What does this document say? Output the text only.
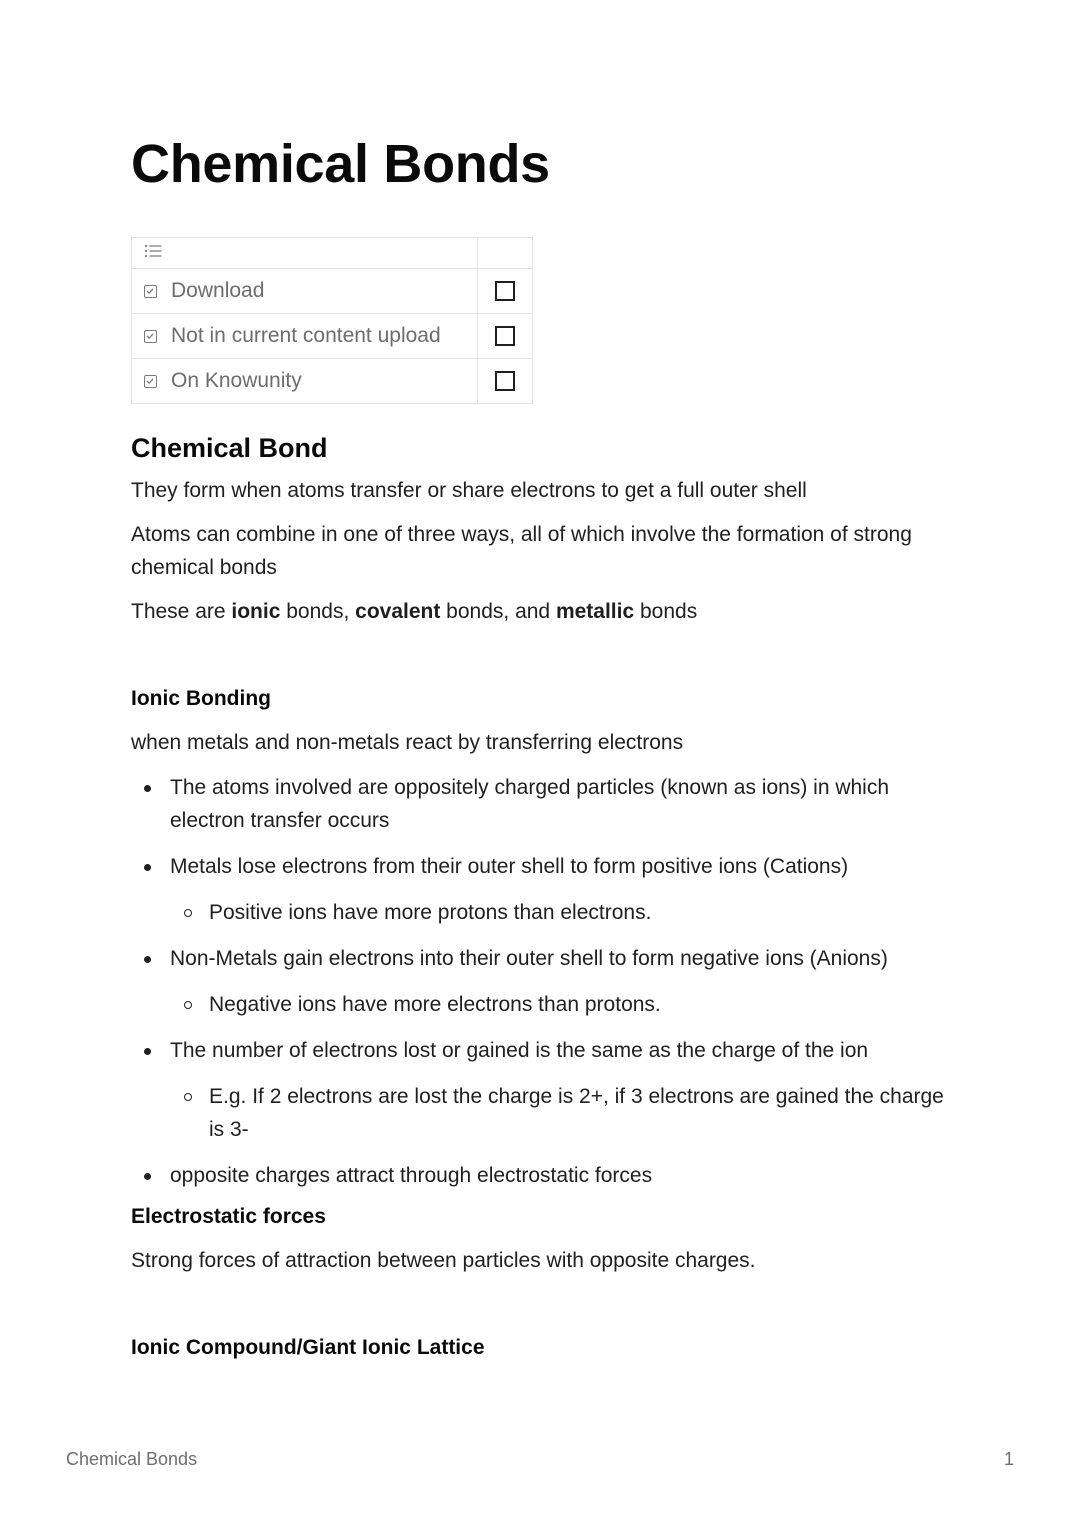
Chemical Bonds

Download	

Not in current content upload	

On Knowunity	
Chemical Bond

They form when atoms transfer or share electrons to get a full outer shell

Atoms can combine in one of three ways, all of which involve the formation of strong chemical bonds

These are ionic bonds, covalent bonds, and metallic bonds

Ionic Bonding

when metals and non-metals react by transferring electrons

The atoms involved are oppositely charged particles (known as ions) in which electron transfer occurs
Metals lose electrons from their outer shell to form positive ions (Cations)
Positive ions have more protons than electrons.
Non-Metals gain electrons into their outer shell to form negative ions (Anions)
Negative ions have more electrons than protons.
The number of electrons lost or gained is the same as the charge of the ion
E.g. If 2 electrons are lost the charge is 2+, if 3 electrons are gained the charge is 3-
opposite charges attract through electrostatic forces
Electrostatic forces

Strong forces of attraction between particles with opposite charges.

Ionic Compound/Giant Ionic Lattice
Chemical Bonds	1
